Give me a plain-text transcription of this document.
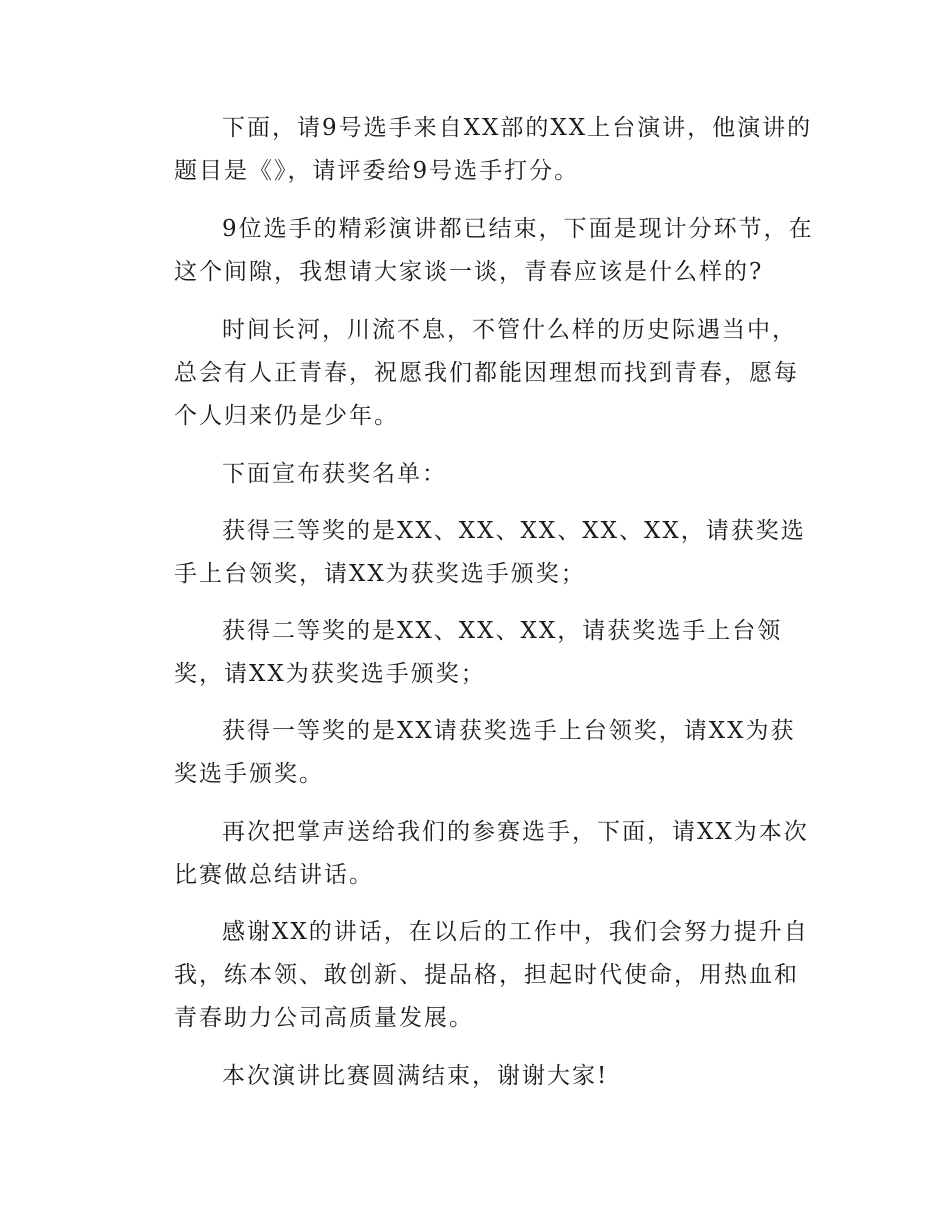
下面，请9号选手来自XX部的XX上台演讲，他演讲的题目是《》，请评委给9号选手打分。

9位选手的精彩演讲都已结束，下面是现计分环节，在这个间隙，我想请大家谈一谈，青春应该是什么样的?

时间长河，川流不息，不管什么样的历史际遇当中，总会有人正青春，祝愿我们都能因理想而找到青春，愿每个人归来仍是少年。

下面宣布获奖名单：

获得三等奖的是XX、XX、XX、XX、XX，请获奖选手上台领奖，请XX为获奖选手颁奖；

获得二等奖的是XX、XX、XX，请获奖选手上台领奖，请XX为获奖选手颁奖；

获得一等奖的是XX请获奖选手上台领奖，请XX为获奖选手颁奖。

再次把掌声送给我们的参赛选手，下面，请XX为本次比赛做总结讲话。

感谢XX的讲话，在以后的工作中，我们会努力提升自我，练本领、敢创新、提品格，担起时代使命，用热血和青春助力公司高质量发展。

本次演讲比赛圆满结束，谢谢大家!
